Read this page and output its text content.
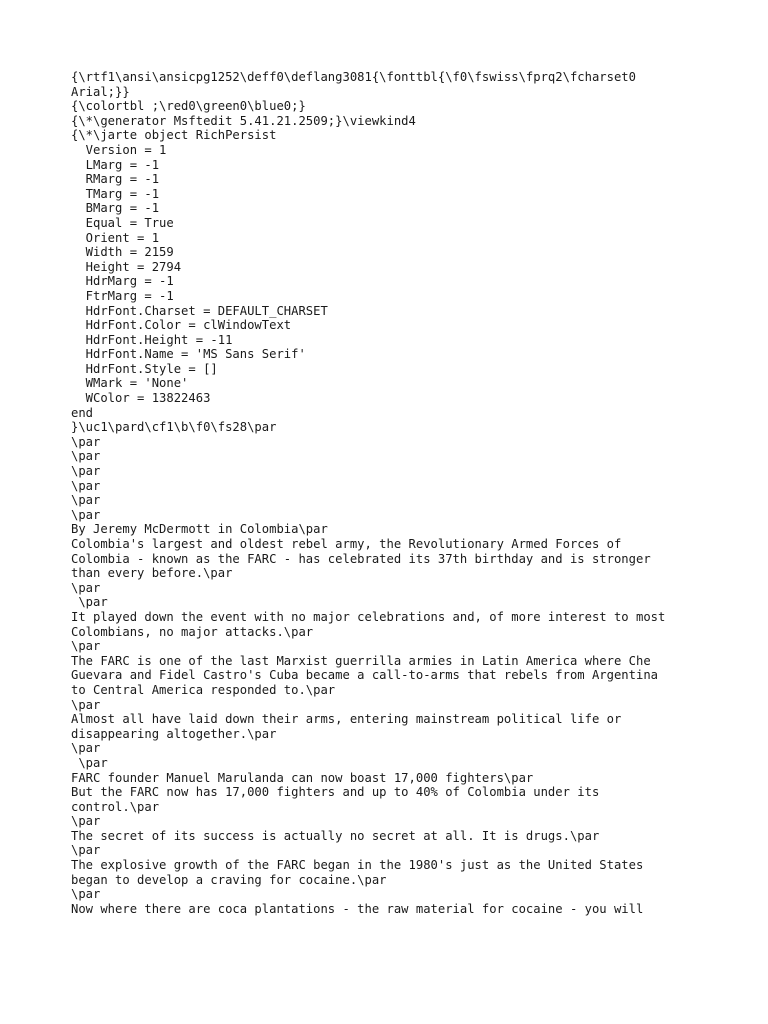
{\rtf1\ansi\ansicpg1252\deff0\deflang3081{\fonttbl{\f0\fswiss\fprq2\fcharset0
Arial;}}
{\colortbl ;\red0\green0\blue0;}
{\*\generator Msftedit 5.41.21.2509;}\viewkind4
{\*\jarte object RichPersist
Version = 1
LMarg = -1
RMarg = -1
TMarg = -1
BMarg = -1
Equal = True
Orient = 1
Width = 2159
Height = 2794
HdrMarg = -1
FtrMarg = -1
HdrFont.Charset = DEFAULT_CHARSET
HdrFont.Color = clWindowText
HdrFont.Height = -11
HdrFont.Name = 'MS Sans Serif'
HdrFont.Style = []
WMark = 'None'
WColor = 13822463
end
}\uc1\pard\cf1\b\f0\fs28\par
\par
\par
\par
\par
\par
\par
By Jeremy McDermott in Colombia\par
Colombia's largest and oldest rebel army, the Revolutionary Armed Forces of
Colombia - known as the FARC - has celebrated its 37th birthday and is stronger
than every before.\par
\par
\par
It played down the event with no major celebrations and, of more interest to most
Colombians, no major attacks.\par
\par
The FARC is one of the last Marxist guerrilla armies in Latin America where Che
Guevara and Fidel Castro's Cuba became a call-to-arms that rebels from Argentina
to Central America responded to.\par
\par
Almost all have laid down their arms, entering mainstream political life or
disappearing altogether.\par
\par
\par
FARC founder Manuel Marulanda can now boast 17,000 fighters\par
But the FARC now has 17,000 fighters and up to 40% of Colombia under its
control.\par
\par
The secret of its success is actually no secret at all. It is drugs.\par
\par
The explosive growth of the FARC began in the 1980's just as the United States
began to develop a craving for cocaine.\par
\par
Now where there are coca plantations - the raw material for cocaine - you will
